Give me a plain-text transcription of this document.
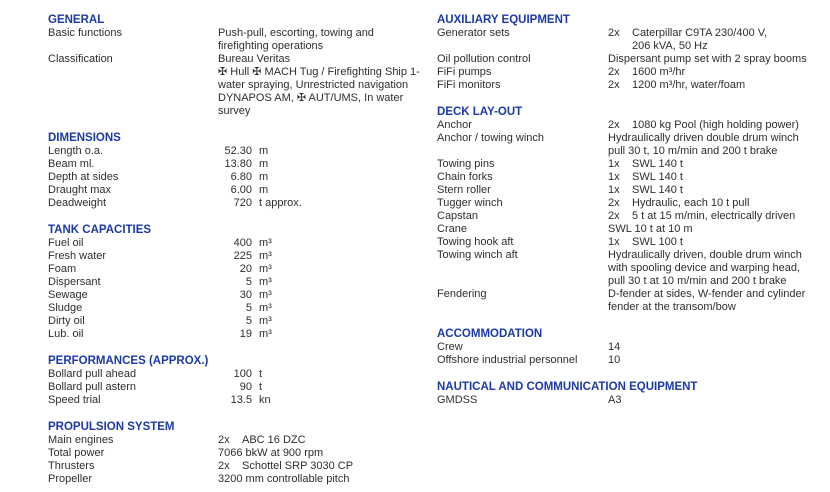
GENERAL
Basic functions	Push-pull, escorting, towing and
firefighting operations
Classification	Bureau Veritas
✠ Hull ✠ MACH Tug / Firefighting Ship 1-
water spraying, Unrestricted navigation
DYNAPOS AM, ✠ AUT/UMS, In water
survey
DIMENSIONS
Length o.a.	52.30 m
Beam ml.	13.80 m
Depth at sides	6.80 m
Draught max	6.00 m
Deadweight	720 t approx.
TANK CAPACITIES
Fuel oil	400 m³
Fresh water	225 m³
Foam	20 m³
Dispersant	5 m³
Sewage	30 m³
Sludge	5 m³
Dirty oil	5 m³
Lub. oil	19 m³
PERFORMANCES (APPROX.)
Bollard pull ahead	100 t
Bollard pull astern	90 t
Speed trial	13.5 kn
PROPULSION SYSTEM
Main engines	2x ABC 16 DZC
Total power	7066 bkW at 900 rpm
Thrusters	2x Schottel SRP 3030 CP
Propeller	3200 mm controllable pitch
AUXILIARY EQUIPMENT
Generator sets	2x Caterpillar C9TA 230/400 V,
206 kVA, 50 Hz
Oil pollution control	Dispersant pump set with 2 spray booms
FiFi pumps	2x 1600 m³/hr
FiFi monitors	2x 1200 m³/hr, water/foam
DECK LAY-OUT
Anchor	2x 1080 kg Pool (high holding power)
Anchor / towing winch	Hydraulically driven double drum winch
pull 30 t, 10 m/min and 200 t brake
Towing pins	1x SWL 140 t
Chain forks	1x SWL 140 t
Stern roller	1x SWL 140 t
Tugger winch	2x Hydraulic, each 10 t pull
Capstan	2x 5 t at 15 m/min, electrically driven
Crane	SWL 10 t at 10 m
Towing hook aft	1x SWL 100 t
Towing winch aft	Hydraulically driven, double drum winch
with spooling device and warping head,
pull 30 t at 10 m/min and 200 t brake
Fendering	D-fender at sides, W-fender and cylinder
fender at the transom/bow
ACCOMMODATION
Crew	14
Offshore industrial personnel	10
NAUTICAL AND COMMUNICATION EQUIPMENT
GMDSS	A3
